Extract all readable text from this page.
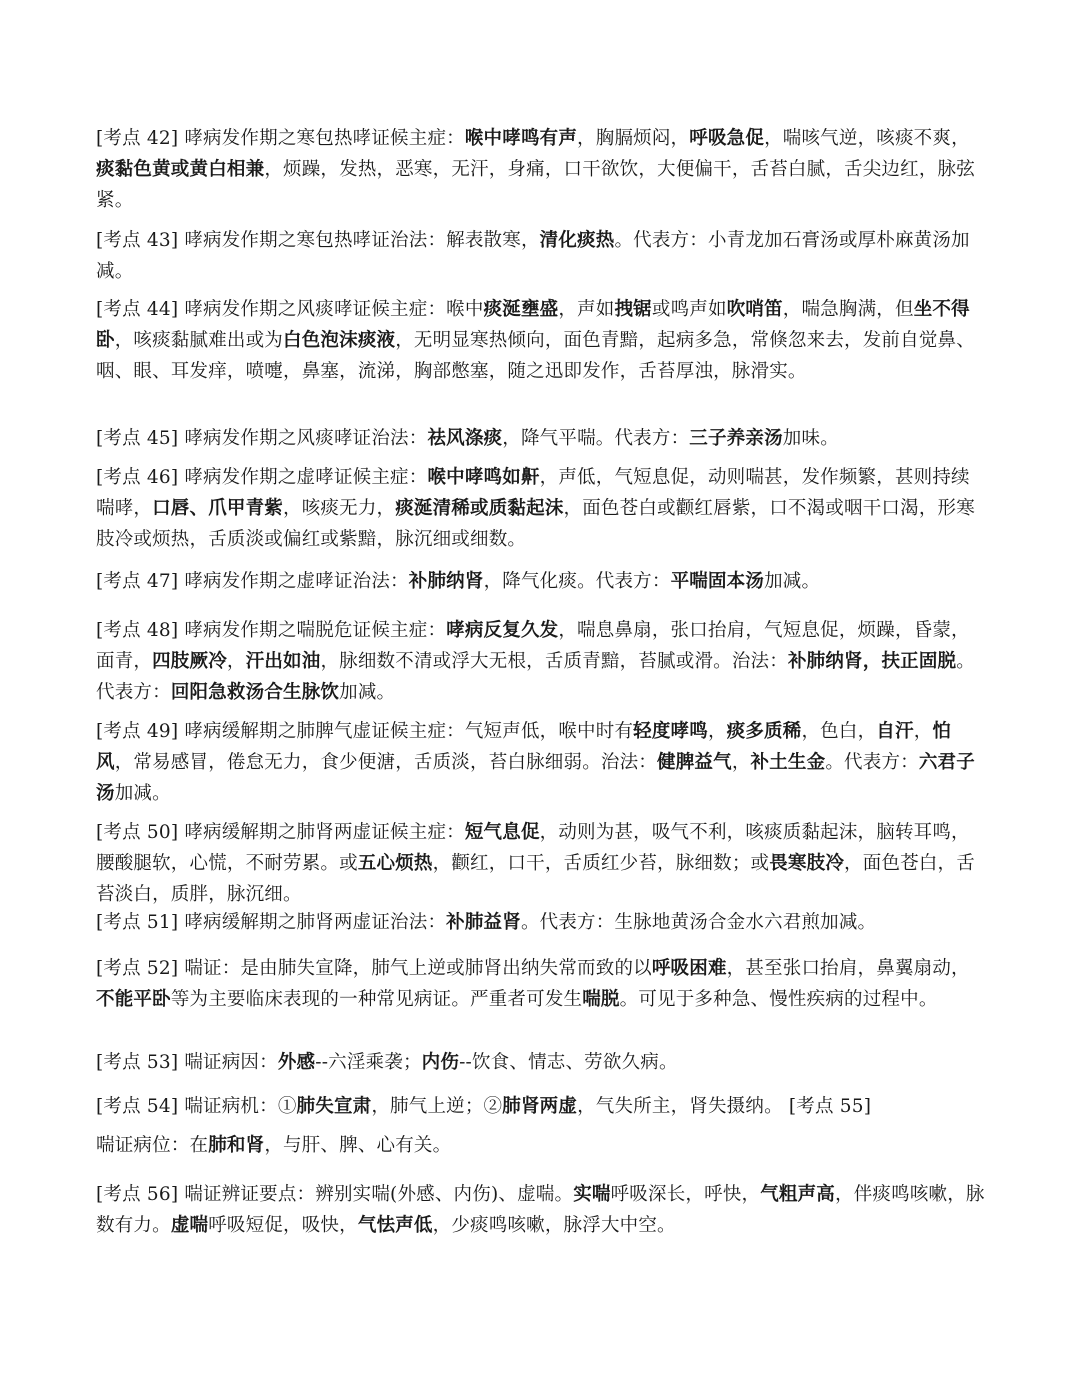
[考点 42] 哮病发作期之寒包热哮证候主症：喉中哮鸣有声，胸膈烦闷，呼吸急促，喘咳气逆，咳痰不爽，痰黏色黄或黄白相兼，烦躁，发热，恶寒，无汗，身痛，口干欲饮，大便偏干，舌苔白腻，舌尖边红，脉弦紧。

[考点 43] 哮病发作期之寒包热哮证治法：解表散寒，清化痰热。代表方：小青龙加石膏汤或厚朴麻黄汤加减。

[考点 44] 哮病发作期之风痰哮证候主症：喉中痰涎壅盛，声如拽锯或鸣声如吹哨笛，喘急胸满，但坐不得卧，咳痰黏腻难出或为白色泡沫痰液，无明显寒热倾向，面色青黯，起病多急，常倏忽来去，发前自觉鼻、咽、眼、耳发痒，喷嚏，鼻塞，流涕，胸部憋塞，随之迅即发作，舌苔厚浊，脉滑实。

[考点 45] 哮病发作期之风痰哮证治法：祛风涤痰，降气平喘。代表方：三子养亲汤加味。

[考点 46] 哮病发作期之虚哮证候主症：喉中哮鸣如鼾，声低，气短息促，动则喘甚，发作频繁，甚则持续喘哮，口唇、爪甲青紫，咳痰无力，痰涎清稀或质黏起沫，面色苍白或颧红唇紫，口不渴或咽干口渴，形寒肢冷或烦热，舌质淡或偏红或紫黯，脉沉细或细数。

[考点 47] 哮病发作期之虚哮证治法：补肺纳肾，降气化痰。代表方：平喘固本汤加减。

[考点 48] 哮病发作期之喘脱危证候主症：哮病反复久发，喘息鼻扇，张口抬肩，气短息促，烦躁，昏蒙，面青，四肢厥冷，汗出如油，脉细数不清或浮大无根，舌质青黯，苔腻或滑。治法：补肺纳肾，扶正固脱。代表方：回阳急救汤合生脉饮加减。

[考点 49] 哮病缓解期之肺脾气虚证候主症：气短声低，喉中时有轻度哮鸣，痰多质稀，色白，自汗，怕风，常易感冒，倦怠无力，食少便溏，舌质淡，苔白脉细弱。治法：健脾益气，补土生金。代表方：六君子汤加减。

[考点 50] 哮病缓解期之肺肾两虚证候主症：短气息促，动则为甚，吸气不利，咳痰质黏起沫，脑转耳鸣，腰酸腿软，心慌，不耐劳累。或五心烦热，颧红，口干，舌质红少苔，脉细数；或畏寒肢冷，面色苍白，舌苔淡白，质胖，脉沉细。

[考点 51] 哮病缓解期之肺肾两虚证治法：补肺益肾。代表方：生脉地黄汤合金水六君煎加减。

[考点 52] 喘证：是由肺失宣降，肺气上逆或肺肾出纳失常而致的以呼吸困难，甚至张口抬肩，鼻翼扇动，不能平卧等为主要临床表现的一种常见病证。严重者可发生喘脱。可见于多种急、慢性疾病的过程中。

[考点 53] 喘证病因：外感--六淫乘袭；内伤--饮食、情志、劳欲久病。

[考点 54] 喘证病机：①肺失宣肃，肺气上逆；②肺肾两虚，气失所主，肾失摄纳。 [考点 55]

喘证病位：在肺和肾，与肝、脾、心有关。

[考点 56] 喘证辨证要点：辨别实喘(外感、内伤)、虚喘。实喘呼吸深长，呼快，气粗声高，伴痰鸣咳嗽，脉数有力。虚喘呼吸短促，吸快，气怯声低，少痰鸣咳嗽，脉浮大中空。
